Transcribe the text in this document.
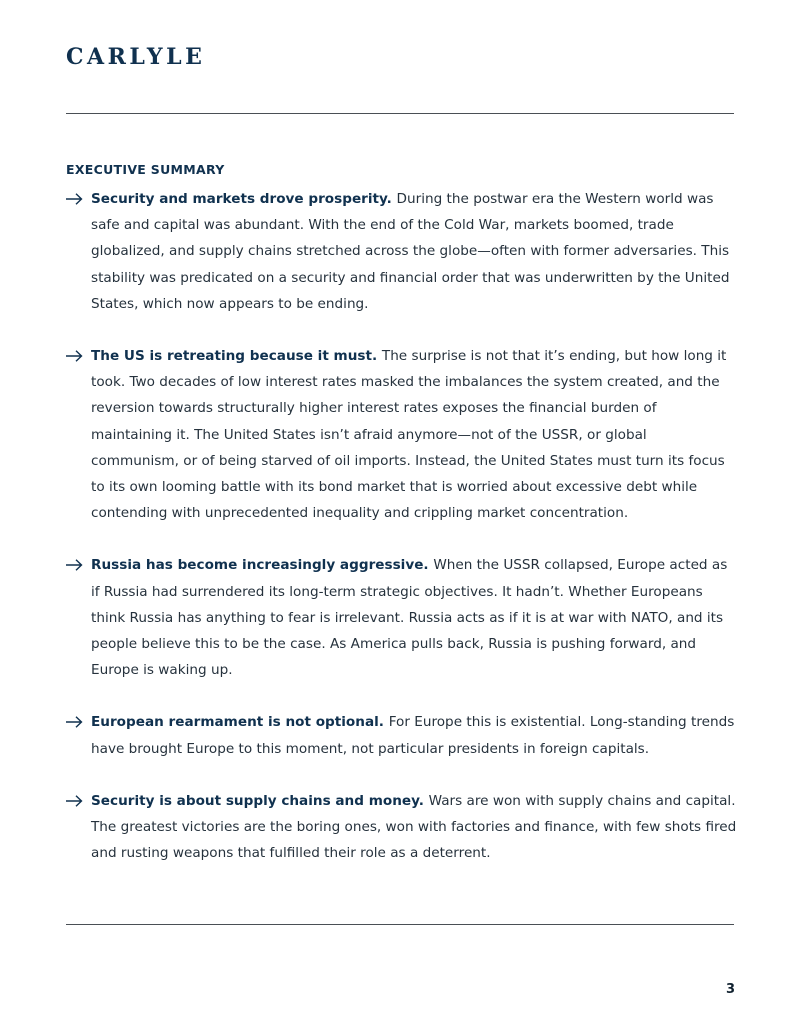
CARLYLE
EXECUTIVE SUMMARY
Security and markets drove prosperity. During the postwar era the Western world was safe and capital was abundant. With the end of the Cold War, markets boomed, trade globalized, and supply chains stretched across the globe—often with former adversaries. This stability was predicated on a security and financial order that was underwritten by the United States, which now appears to be ending.
The US is retreating because it must. The surprise is not that it’s ending, but how long it took. Two decades of low interest rates masked the imbalances the system created, and the reversion towards structurally higher interest rates exposes the financial burden of maintaining it. The United States isn’t afraid anymore—not of the USSR, or global communism, or of being starved of oil imports. Instead, the United States must turn its focus to its own looming battle with its bond market that is worried about excessive debt while contending with unprecedented inequality and crippling market concentration.
Russia has become increasingly aggressive. When the USSR collapsed, Europe acted as if Russia had surrendered its long-term strategic objectives. It hadn’t. Whether Europeans think Russia has anything to fear is irrelevant. Russia acts as if it is at war with NATO, and its people believe this to be the case. As America pulls back, Russia is pushing forward, and Europe is waking up.
European rearmament is not optional. For Europe this is existential. Long-standing trends have brought Europe to this moment, not particular presidents in foreign capitals.
Security is about supply chains and money. Wars are won with supply chains and capital. The greatest victories are the boring ones, won with factories and finance, with few shots fired and rusting weapons that fulfilled their role as a deterrent.
3
